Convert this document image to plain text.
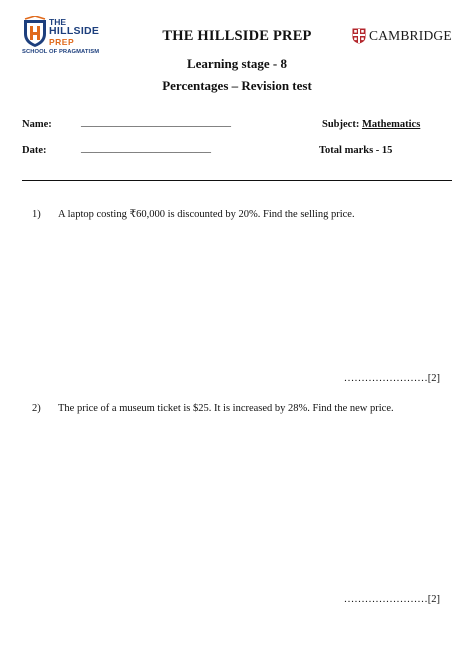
THE
HILLSIDE
PREP
SCHOOL OF PRAGMATISM
CAMBRIDGE
THE HILLSIDE PREP
Learning stage - 8
Percentages – Revision test
Name:	______________________________	Subject: Mathematics
Date:	__________________________	Total marks - 15
1) A laptop costing ₹60,000 is discounted by 20%. Find the selling price.
……………………[2]
2) The price of a museum ticket is $25. It is increased by 28%. Find the new price.
……………………[2]
